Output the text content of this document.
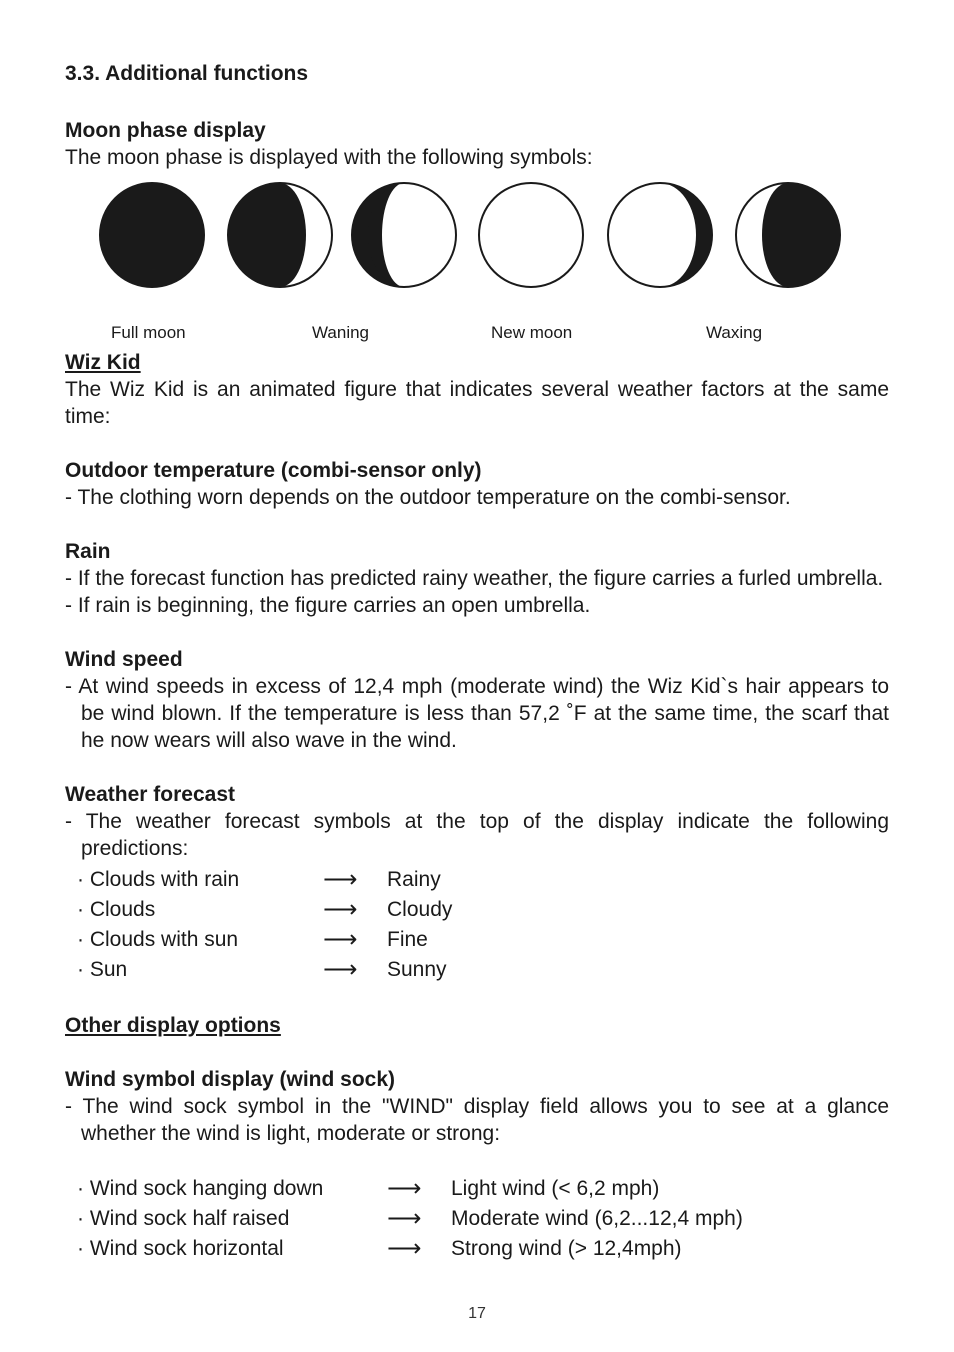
3.3. Additional functions

Moon phase display

The moon phase is displayed with the following symbols:

Full moon	Waning	New moon	Waxing

Wiz Kid

The Wiz Kid is an animated figure that indicates several weather factors at the same time:

Outdoor temperature (combi-sensor only)

- The clothing worn depends on the outdoor temperature on the combi-sensor.

Rain

- If the forecast function has predicted rainy weather, the figure carries a furled umbrella.

- If rain is beginning, the figure carries an open umbrella.

Wind speed

- At wind speeds in excess of 12,4 mph (moderate wind) the Wiz Kid`s hair appears to be wind blown. If the temperature is less than 57,2 ˚F at the same time, the scarf that he now wears will also wave in the wind.

Weather forecast

- The weather forecast symbols at the top of the display indicate the following predictions:

· Clouds with rain	⟶	Rainy
· Clouds	⟶	Cloudy
· Clouds with sun	⟶	Fine
· Sun	⟶	Sunny

Other display options

Wind symbol display (wind sock)

- The wind sock symbol in the "WIND" display field allows you to see at a glance whether the wind is light, moderate or strong:

· Wind sock hanging down	⟶	Light wind (< 6,2 mph)
· Wind sock half raised	⟶	Moderate wind (6,2...12,4 mph)
· Wind sock horizontal	⟶	Strong wind (> 12,4mph)
17
